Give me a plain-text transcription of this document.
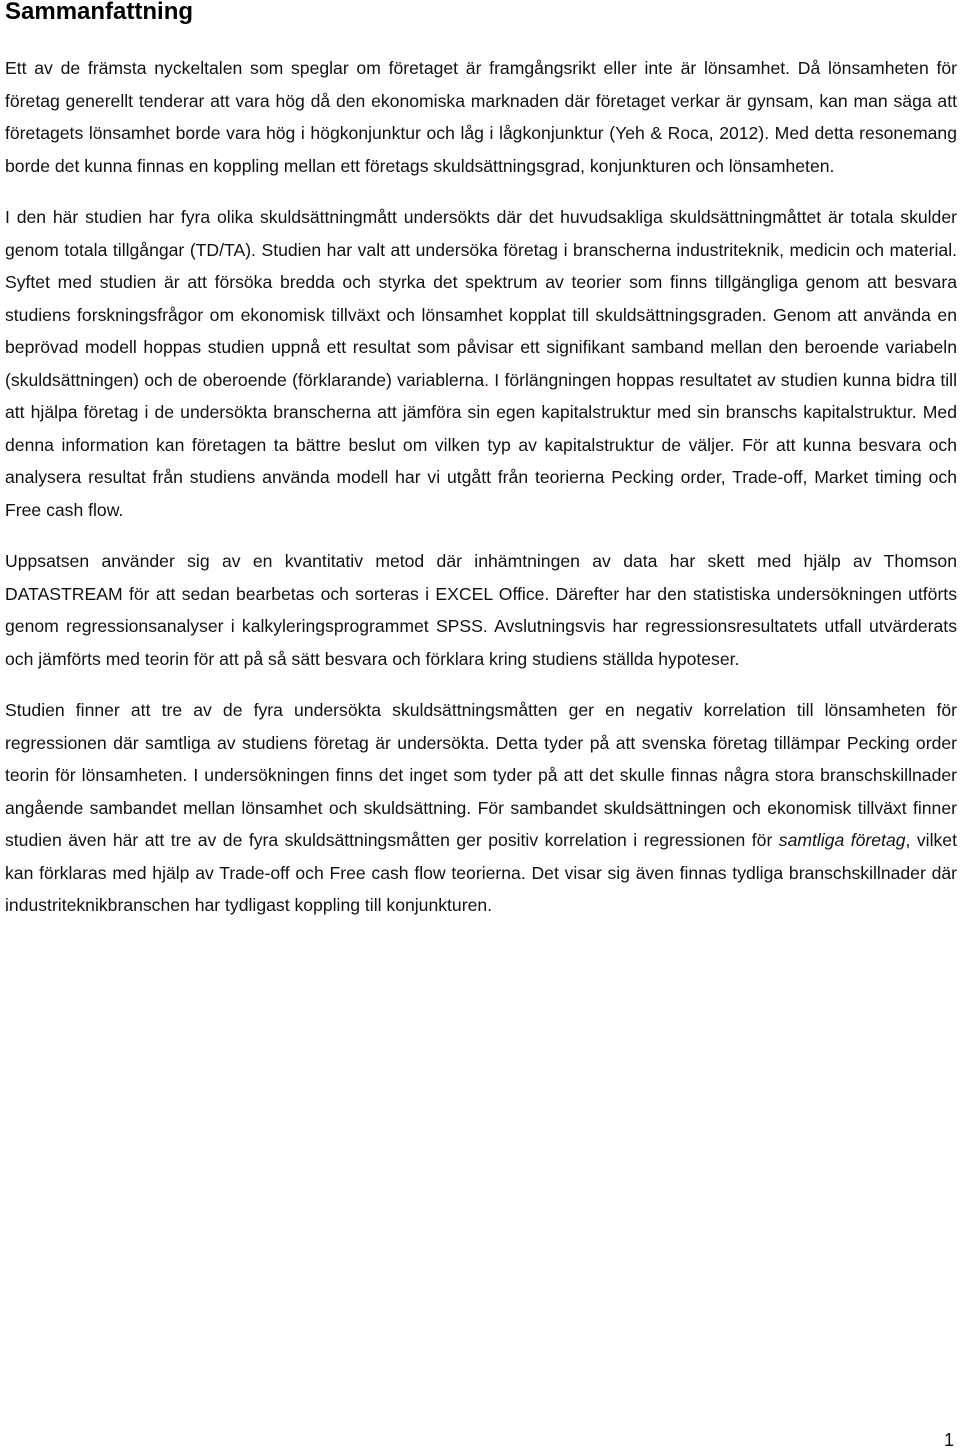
Sammanfattning

Ett av de främsta nyckeltalen som speglar om företaget är framgångsrikt eller inte är lönsamhet. Då lönsamheten för företag generellt tenderar att vara hög då den ekonomiska marknaden där företaget verkar är gynsam, kan man säga att företagets lönsamhet borde vara hög i högkonjunktur och låg i lågkonjunktur (Yeh & Roca, 2012). Med detta resonemang borde det kunna finnas en koppling mellan ett företags skuldsättningsgrad, konjunkturen och lönsamheten.

I den här studien har fyra olika skuldsättningmått undersökts där det huvudsakliga skuldsättningmåttet är totala skulder genom totala tillgångar (TD/TA). Studien har valt att undersöka företag i branscherna industriteknik, medicin och material. Syftet med studien är att försöka bredda och styrka det spektrum av teorier som finns tillgängliga genom att besvara studiens forskningsfrågor om ekonomisk tillväxt och lönsamhet kopplat till skuldsättningsgraden. Genom att använda en beprövad modell hoppas studien uppnå ett resultat som påvisar ett signifikant samband mellan den beroende variabeln (skuldsättningen) och de oberoende (förklarande) variablerna. I förlängningen hoppas resultatet av studien kunna bidra till att hjälpa företag i de undersökta branscherna att jämföra sin egen kapitalstruktur med sin branschs kapitalstruktur. Med denna information kan företagen ta bättre beslut om vilken typ av kapitalstruktur de väljer. För att kunna besvara och analysera resultat från studiens använda modell har vi utgått från teorierna Pecking order, Trade-off, Market timing och Free cash flow.

Uppsatsen använder sig av en kvantitativ metod där inhämtningen av data har skett med hjälp av Thomson DATASTREAM för att sedan bearbetas och sorteras i EXCEL Office. Därefter har den statistiska undersökningen utförts genom regressionsanalyser i kalkyleringsprogrammet SPSS. Avslutningsvis har regressionsresultatets utfall utvärderats och jämförts med teorin för att på så sätt besvara och förklara kring studiens ställda hypoteser.

Studien finner att tre av de fyra undersökta skuldsättningsmåtten ger en negativ korrelation till lönsamheten för regressionen där samtliga av studiens företag är undersökta. Detta tyder på att svenska företag tillämpar Pecking order teorin för lönsamheten. I undersökningen finns det inget som tyder på att det skulle finnas några stora branschskillnader angående sambandet mellan lönsamhet och skuldsättning. För sambandet skuldsättningen och ekonomisk tillväxt finner studien även här att tre av de fyra skuldsättningsmåtten ger positiv korrelation i regressionen för samtliga företag, vilket kan förklaras med hjälp av Trade-off och Free cash flow teorierna. Det visar sig även finnas tydliga branschskillnader där industriteknikbranschen har tydligast koppling till konjunkturen.

1
